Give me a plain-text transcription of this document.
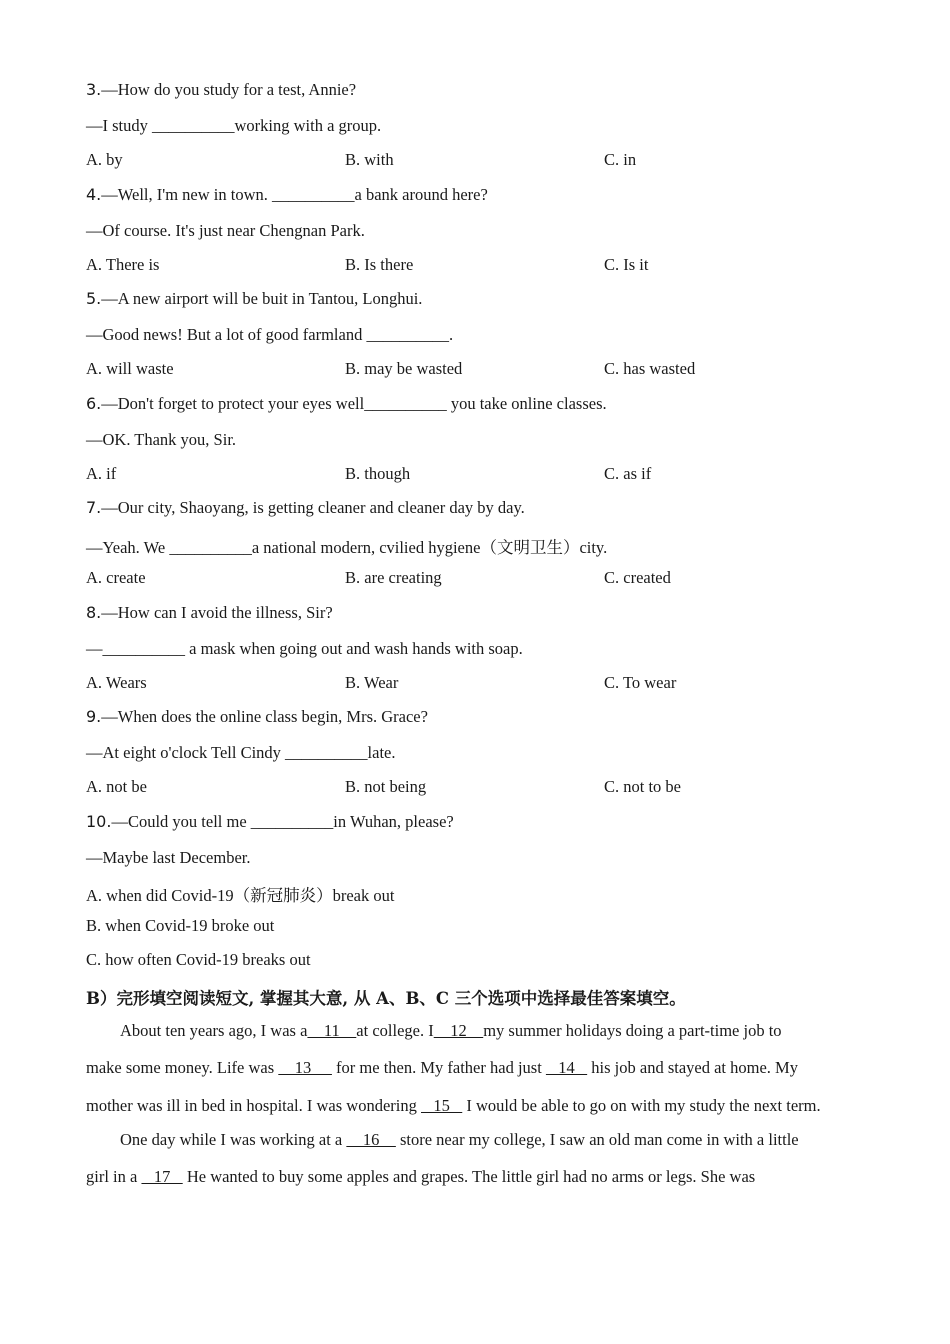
3.—How do you study for a test, Annie?
—I study __________working with a group.
A. by	B. with	C. in
4.—Well, I'm new in town. __________a bank around here?
—Of course. It's just near Chengnan Park.
A. There is	B. Is there	C. Is it
5.—A new airport will be buit in Tantou, Longhui.
—Good news! But a lot of good farmland __________.
A. will waste	B. may be wasted	C. has wasted
6.—Don't forget to protect your eyes well__________ you take online classes.
—OK. Thank you, Sir.
A. if	B. though	C. as if
7.—Our city, Shaoyang, is getting cleaner and cleaner day by day.
—Yeah. We __________a national modern, cvilied hygiene（文明卫生）city.
A. create	B. are creating	C. created
8.—How can I avoid the illness, Sir?
—__________ a mask when going out and wash hands with soap.
A. Wears	B. Wear	C. To wear
9.—When does the online class begin, Mrs. Grace?
—At eight o'clock Tell Cindy __________late.
A. not be	B. not being	C. not to be
10.—Could you tell me __________in Wuhan, please?
—Maybe last December.
A. when did Covid-19（新冠肺炎）break out
B. when Covid-19 broke out
C. how often Covid-19 breaks out
B）完形填空阅读短文, 掌握其大意, 从 A、B、C 三个选项中选择最佳答案填空。
About ten years ago, I was a    11    at college. I    12    my summer holidays doing a part-time job to
make some money. Life was     13      for me then. My father had just    14    his job and stayed at home. My
mother was ill in bed in hospital. I was wondering    15    I would be able to go on with my study the next term.
One day while I was working at a     16     store near my college, I saw an old man come in with a little
girl in a    17    He wanted to buy some apples and grapes. The little girl had no arms or legs. She was
